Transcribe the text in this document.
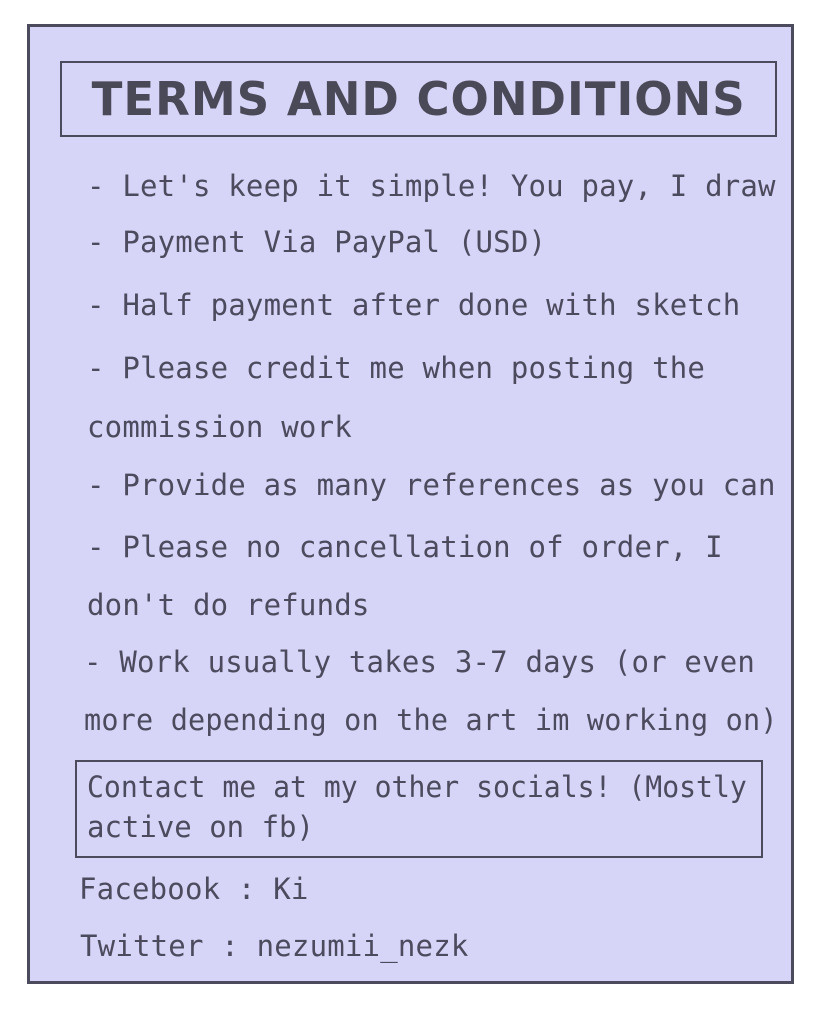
TERMS AND CONDITIONS
- Let's keep it simple! You pay, I draw
- Payment Via PayPal (USD)
- Half payment after done with sketch
- Please credit me when posting the
commission work
- Provide as many references as you can
- Please no cancellation of order, I
don't do refunds
- Work usually takes 3-7 days (or even
more depending on the art im working on)
Contact me at my other socials! (Mostly
active on fb)
Facebook : Ki
Twitter : nezumii_nezk
